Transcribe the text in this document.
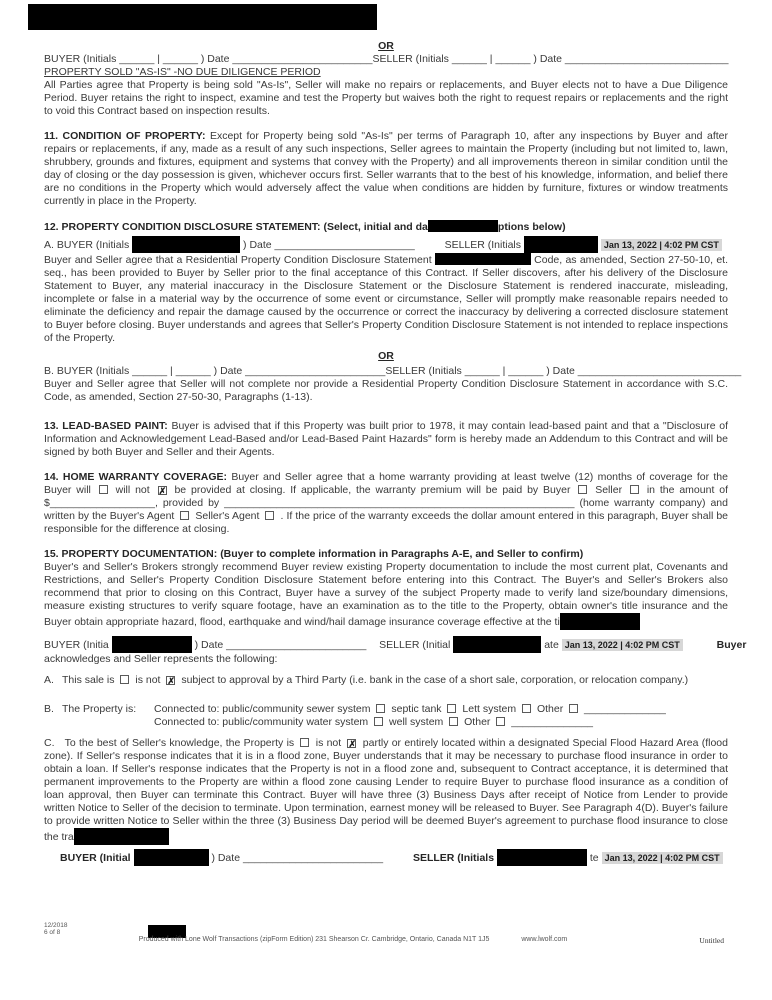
OR
BUYER (Initials ______ | ______ ) Date ________________________ SELLER (Initials ______ | ______ ) Date ____________________________
PROPERTY SOLD "AS-IS" -NO DUE DILIGENCE PERIOD
All Parties agree that Property is being sold "As-Is", Seller will make no repairs or replacements, and Buyer elects not to have a Due Diligence Period. Buyer retains the right to inspect, examine and test the Property but waives both the right to request repairs or replacements and the right to void this Contract based on inspection results.
11. CONDITION OF PROPERTY: Except for Property being sold "As-Is" per terms of Paragraph 10, after any inspections by Buyer and after repairs or replacements, if any, made as a result of any such inspections, Seller agrees to maintain the Property (including but not limited to, lawn, shrubbery, grounds and fixtures, equipment and systems that convey with the Property) and all improvements thereon in similar condition until the day of closing or the day possession is given, whichever occurs first. Seller warrants that to the best of his knowledge, information, and belief there are no conditions in the Property which would adversely affect the value when conditions are hidden by furniture, fixtures or window treatments currently in place in the Property.
12. PROPERTY CONDITION DISCLOSURE STATEMENT: (Select, initial and da	ptions below)
A. BUYER (Initials	) Date ________________________	SELLER (Initials	Jan 13, 2022 | 4:02 PM CST
Buyer and Seller agree that a Residential Property Condition Disclosure Statement	Code, as amended, Section 27-50-10, et. seq., has been provided to Buyer by Seller prior to the final acceptance of this Contract. If Seller discovers, after his delivery of the Disclosure Statement to Buyer, any material inaccuracy in the Disclosure Statement or the Disclosure Statement is rendered inaccurate, misleading, incomplete or false in a material way by the occurrence of some event or circumstance, Seller will promptly make reasonable repairs needed to eliminate the deficiency and repair the damage caused by the occurrence or correct the inaccuracy by delivering a corrected disclosure statement to Buyer before closing. Buyer understands and agrees that Seller's Property Condition Disclosure Statement is not intended to replace inspections of the Property.
OR
B. BUYER (Initials ______ | ______ ) Date ________________________ SELLER (Initials ______ | ______ ) Date ____________________________
Buyer and Seller agree that Seller will not complete nor provide a Residential Property Condition Disclosure Statement in accordance with S.C. Code, as amended, Section 27-50-30, Paragraphs (1-13).
13. LEAD-BASED PAINT: Buyer is advised that if this Property was built prior to 1978, it may contain lead-based paint and that a "Disclosure of Information and Acknowledgement Lead-Based and/or Lead-Based Paint Hazards" form is hereby made an Addendum to this Contract and will be signed by both Buyer and Seller and their Agents.
14. HOME WARRANTY COVERAGE: Buyer and Seller agree that a home warranty providing at least twelve (12) months of coverage for the Buyer will will not ✗ be provided at closing. If applicable, the warranty premium will be paid by Buyer Seller in the amount of $__________________, provided by ____________________________________________________________ (home warranty company) and written by the Buyer's Agent Seller's Agent . If the price of the warranty exceeds the dollar amount entered in this paragraph, Buyer shall be responsible for the difference at closing.
15. PROPERTY DOCUMENTATION: (Buyer to complete information in Paragraphs A-E, and Seller to confirm)
Buyer's and Seller's Brokers strongly recommend Buyer review existing Property documentation to include the most current plat, Covenants and Restrictions, and Seller's Property Condition Disclosure Statement before entering into this Contract. The Buyer's and Seller's Brokers also recommend that prior to closing on this Contract, Buyer have a survey of the subject Property made to verify land size/boundary dimensions, measure existing structures to verify square footage, have an examination as to the title to the Property, obtain owner's title insurance and the Buyer obtain appropriate hazard, flood, earthquake and wind/hail damage insurance coverage effective at the ti
BUYER (Initia	) Date ________________________ SELLER (Initial	ate Jan 13, 2022 | 4:02 PM CST	Buyer
acknowledges and Seller represents the following:
A. This sale is is not ✗ subject to approval by a Third Party (i.e. bank in the case of a short sale, corporation, or relocation company.)
B. The Property is:	Connected to: public/community sewer system septic tank Lett system Other ______________
Connected to: public/community water system well system Other ______________
C. To the best of Seller's knowledge, the Property is is not ✗ partly or entirely located within a designated Special Flood Hazard Area (flood zone). If Seller's response indicates that it is in a flood zone, Buyer understands that it may be necessary to purchase flood insurance in order to obtain a loan. If Seller's response indicates that the Property is not in a flood zone and, subsequent to Contract acceptance, it is determined that permanent improvements to the Property are within a flood zone causing Lender to require Buyer to purchase flood insurance as a condition of loan approval, then Buyer can terminate this Contract. Buyer will have three (3) Business Days after receipt of Notice from Lender to provide written Notice to Seller of the decision to terminate. Upon termination, earnest money will be released to Buyer. See Paragraph 4(D). Buyer's failure to provide written Notice to Seller within the three (3) Business Day period will be deemed Buyer's agreement to purchase flood insurance to close the tra
BUYER (Initial	) Date ________________________	SELLER (Initials	te Jan 13, 2022 | 4:02 PM CST
12/2018
6 of 8
Produced with Lone Wolf Transactions (zipForm Edition) 231 Shearson Cr. Cambridge, Ontario, Canada N1T 1J5	www.lwolf.com	Untitled
